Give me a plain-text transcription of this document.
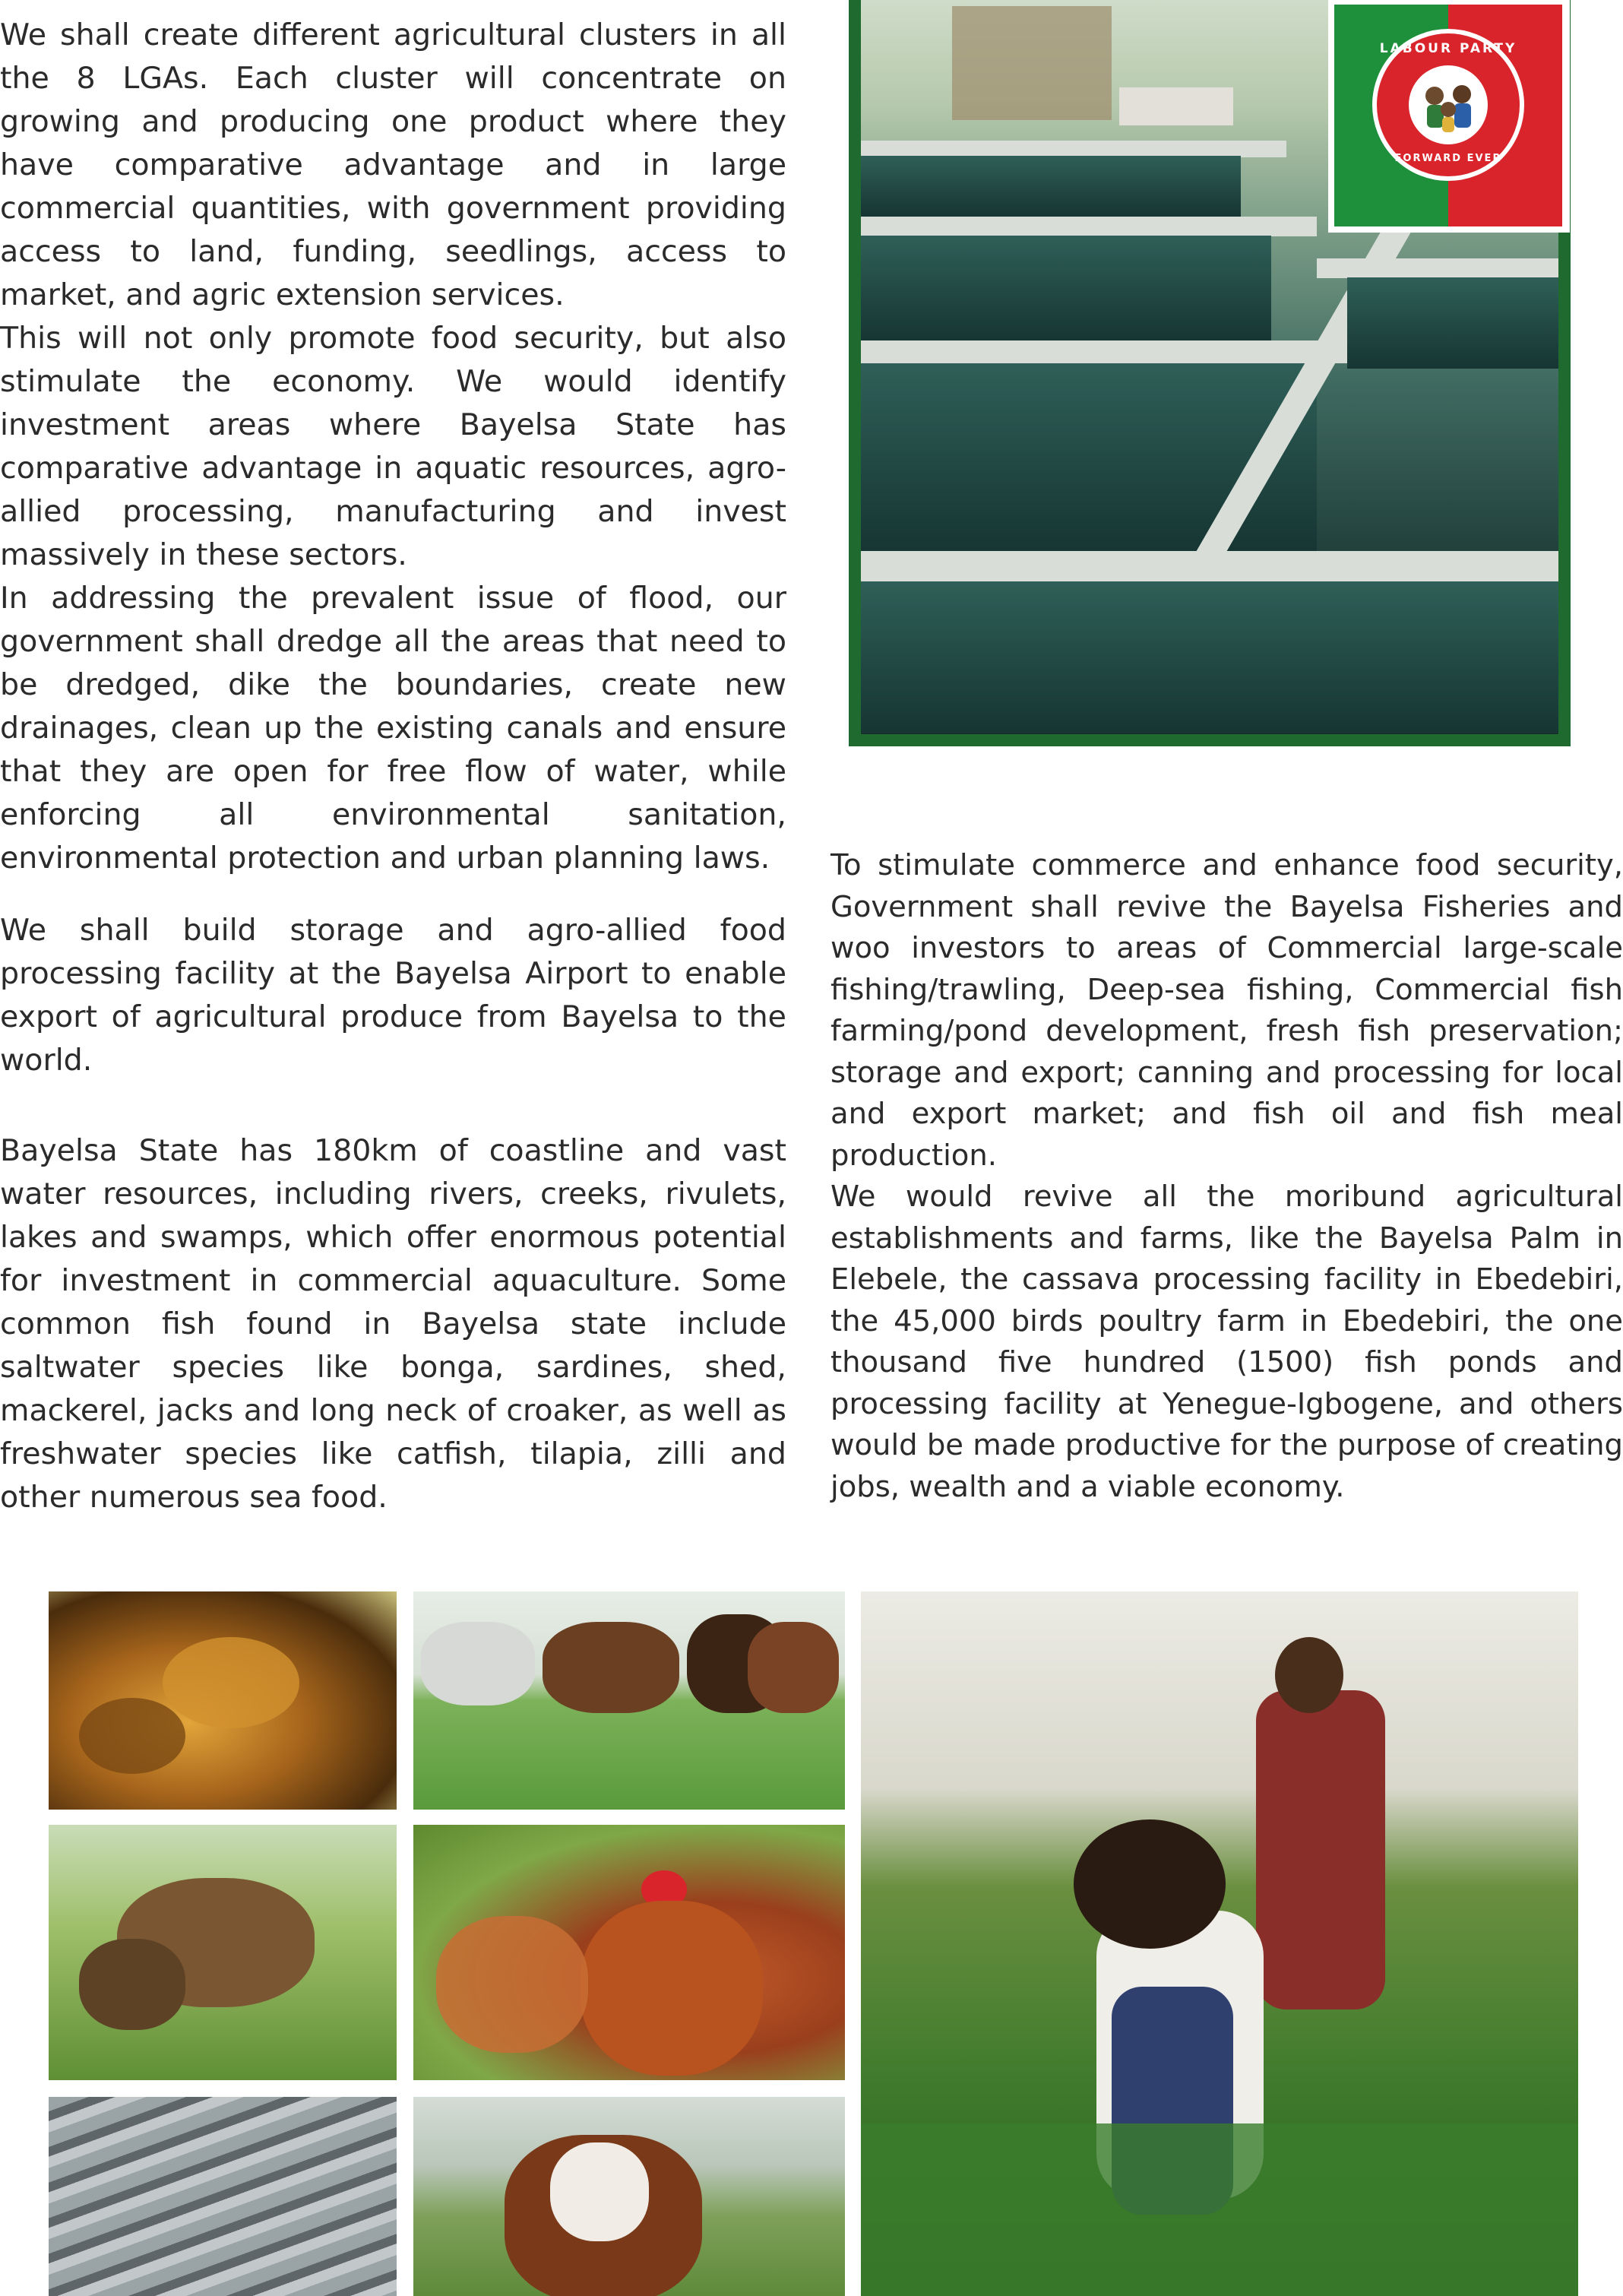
We shall create different agricultural clusters in all the 8 LGAs. Each cluster will concentrate on growing and producing one product where they have comparative advantage and in large commercial quantities, with government providing access to land, funding, seedlings, access to market, and agric extension services.

This will not only promote food security, but also stimulate the economy. We would identify investment areas where Bayelsa State has comparative advantage in aquatic resources, agro-allied processing, manufacturing and invest massively in these sectors.

In addressing the prevalent issue of flood, our government shall dredge all the areas that need to be dredged, dike the boundaries, create new drainages, clean up the existing canals and ensure that they are open for free flow of water, while enforcing all environmental sanitation, environmental protection and urban planning laws.

We shall build storage and agro-allied food processing facility at the Bayelsa Airport to enable export of agricultural produce from Bayelsa to the world.

Bayelsa State has 180km of coastline and vast water resources, including rivers, creeks, rivulets, lakes and swamps, which offer enormous potential for investment in commercial aquaculture. Some common fish found in Bayelsa state include saltwater species like bonga, sardines, shed, mackerel, jacks and long neck of croaker, as well as freshwater species like catfish, tilapia, zilli and other numerous sea food.

LABOUR PARTY
FORWARD EVER

To stimulate commerce and enhance food security, Government shall revive the Bayelsa Fisheries and woo investors to areas of Commercial large-scale fishing/trawling, Deep-sea fishing, Commercial fish farming/pond development, fresh fish preservation; storage and export; canning and processing for local and export market; and fish oil and fish meal production.

We would revive all the moribund agricultural establishments and farms, like the Bayelsa Palm in Elebele, the cassava processing facility in Ebedebiri, the 45,000 birds poultry farm in Ebedebiri, the one thousand five hundred (1500) fish ponds and processing facility at Yenegue-Igbogene, and others would be made productive for the purpose of creating jobs, wealth and a viable economy.
